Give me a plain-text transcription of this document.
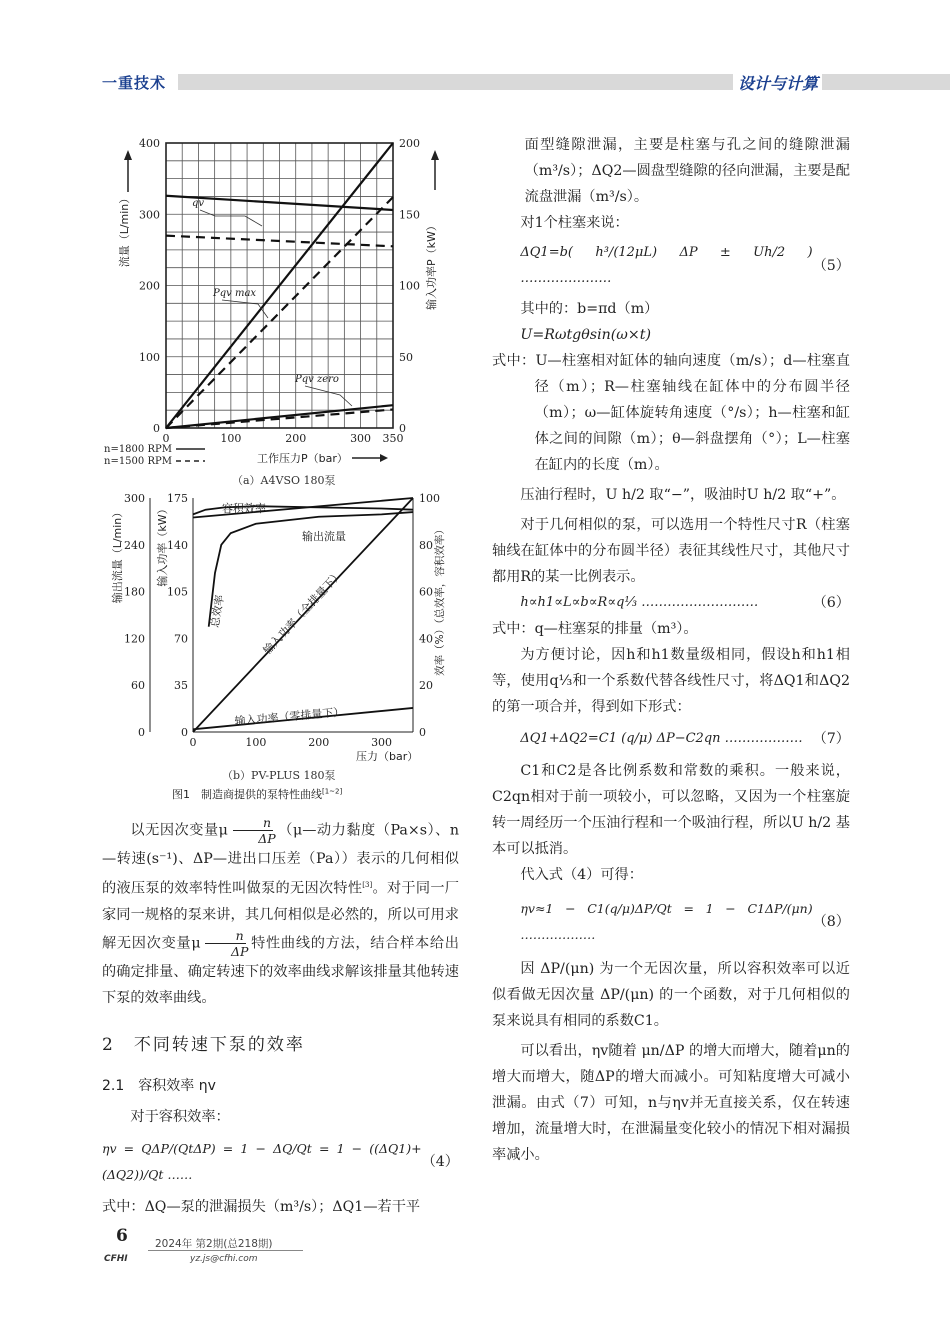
一重技术	设计与计算
0
100
200
300
400
0
50
100
150
200
0	100	200	300 350
流量（L/min）	输入功率P（kW）
工作压力P（bar）
qv
Pqv max
Pqv zero
n=1800 RPM
n=1500 RPM
（a）A4VSO 180泵
0
60
120
180
240
300
0
35
70
105
140
175
0
20
40
60
80
100
0	100	200	300
输出流量（L/min）	输入功率（kW）	效率（%）（总效率，容积效率）
压力（bar）
容积效率
输出流量
总效率	输入功率（全排量下）
输入功率（零排量下）
（b）PV-PLUS 180泵
图1　制造商提供的泵特性曲线[1~2]

以无因次变量μ $\frac{n}{\Delta P}$ （μ—动力黏度（Pa×s）、n—转速(s⁻¹)、ΔP—进出口压差（Pa））表示的几何相似的液压泵的效率特性叫做泵的无因次特性[3]。对于同一厂家同一规格的泵来讲，其几何相似是必然的，所以可用求解无因次变量μ $\frac{n}{\Delta P}$ 特性曲线的方法，结合样本给出的确定排量、确定转速下的效率曲线求解该排量其他转速下泵的效率曲线。

2　不同转速下泵的效率
2.1　容积效率 ηv

对于容积效率：

ηv = QΔP/(QtΔP) = 1 − ΔQ/Qt = 1 − ((ΔQ1)+(ΔQ2))/Qt ……
（4）

式中：ΔQ—泵的泄漏损失（m³/s）；ΔQ1—若干平

面型缝隙泄漏，主要是柱塞与孔之间的缝隙泄漏（m³/s）；ΔQ2—圆盘型缝隙的径向泄漏，主要是配流盘泄漏（m³/s）。

对1个柱塞来说：

ΔQ1=b( h³/(12μL) ΔP ± Uh/2 ) …………………
（5）

其中的：b=πd（m）

U=Rωtgθsin(ω×t)

式中：U—柱塞相对缸体的轴向速度（m/s）；d—柱塞直径（m）；R—柱塞轴线在缸体中的分布圆半径（m）；ω—缸体旋转角速度（°/s）；h—柱塞和缸体之间的间隙（m）；θ—斜盘摆角（°）；L—柱塞在缸内的长度（m）。

压油行程时，U h/2 取“−”，吸油时U h/2 取“+”。

对于几何相似的泵，可以选用一个特性尺寸R（柱塞轴线在缸体中的分布圆半径）表征其线性尺寸，其他尺寸都用R的某一比例表示。

h∝h1∝L∝b∝R∝q⅓ ………………………	（6）

式中：q—柱塞泵的排量（m³）。

为方便讨论，因h和h1数量级相同，假设h和h1相等，使用q⅓和一个系数代替各线性尺寸，将ΔQ1和ΔQ2的第一项合并，得到如下形式：

ΔQ1+ΔQ2=C1 (q/μ) ΔP−C2qn ……………… （7）

C1和C2是各比例系数和常数的乘积。一般来说，C2qn相对于前一项较小，可以忽略，又因为一个柱塞旋转一周经历一个压油行程和一个吸油行程，所以U h/2 基本可以抵消。

代入式（4）可得：

ηv≈1 − C1(q/μ)ΔP/Qt = 1 − C1ΔP/(μn) ………………
（8）

因 ΔP/(μn) 为一个无因次量，所以容积效率可以近似看做无因次量 ΔP/(μn) 的一个函数，对于几何相似的泵来说具有相同的系数C1。

可以看出，ηv随着 μn/ΔP 的增大而增大，随着μn的增大而增大，随ΔP的增大而减小。可知粘度增大可减小泄漏。由式（7）可知，n与ηv并无直接关系，仅在转速增加，流量增大时，在泄漏量变化较小的情况下相对漏损率减小。

6	2024年 第2期(总218期)
CFHI	yz.js@cfhi.com
